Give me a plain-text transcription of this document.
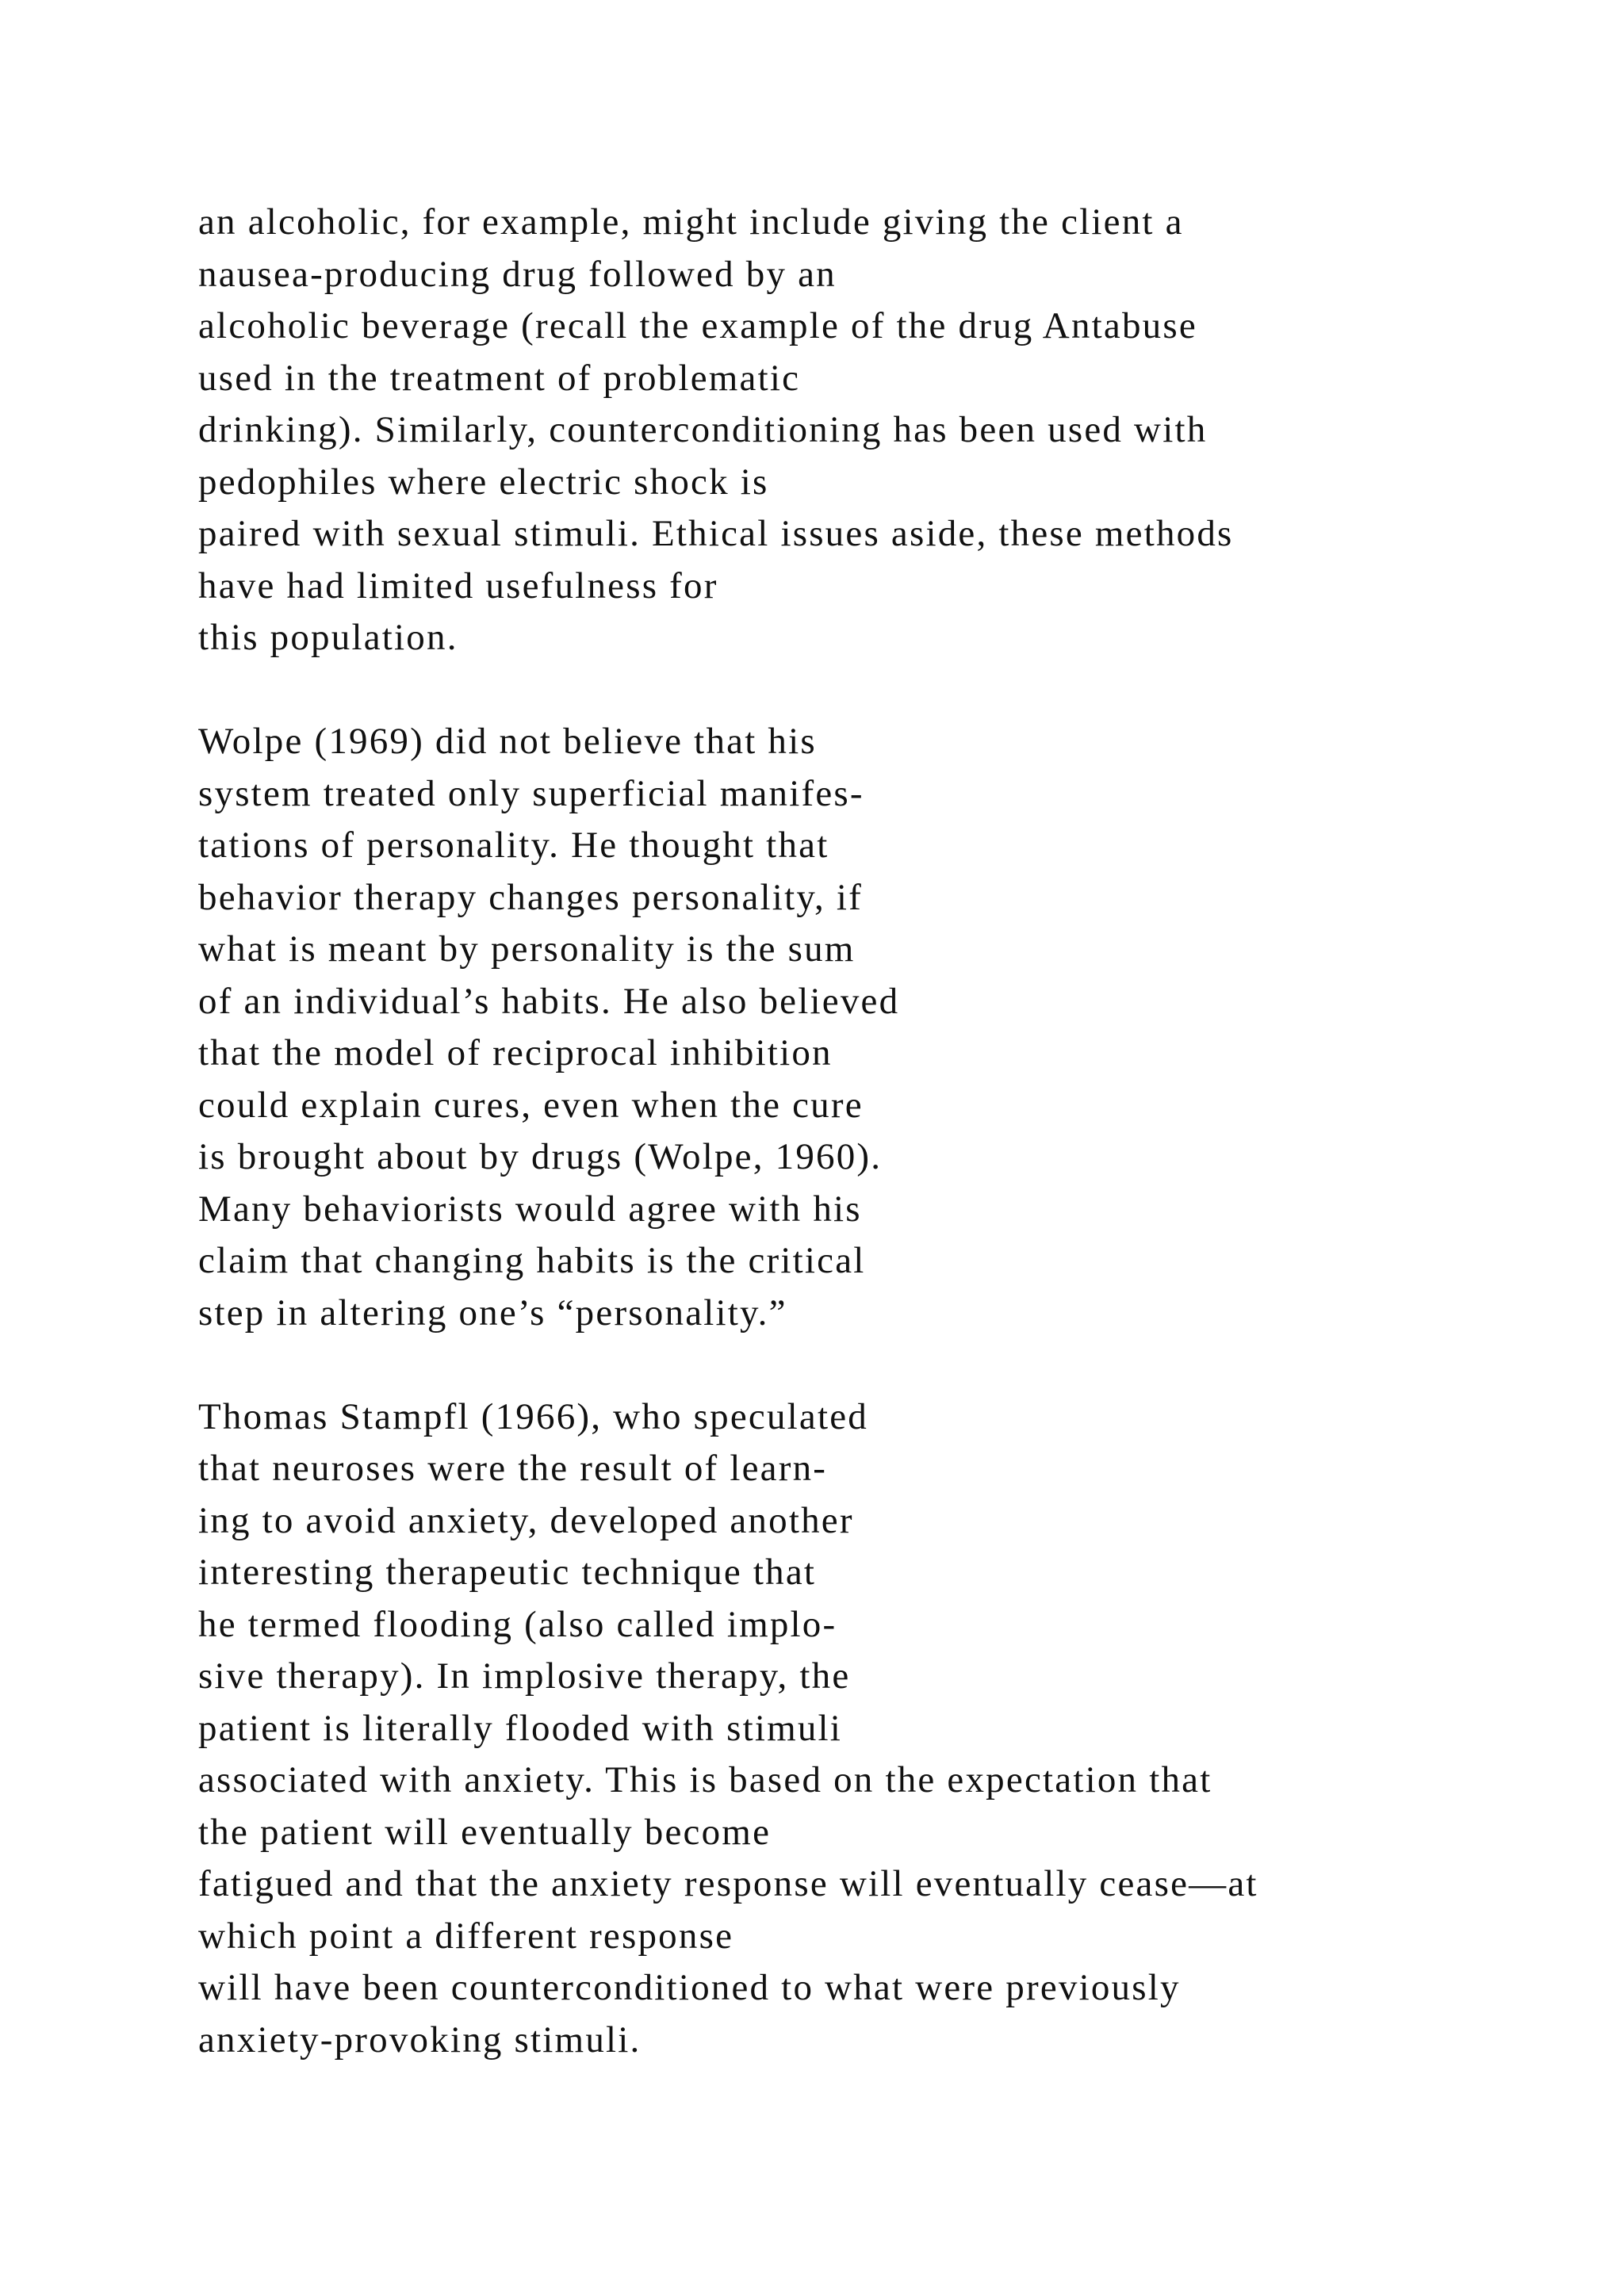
an alcoholic, for example, might include giving the client a
nausea-producing drug followed by an
alcoholic beverage (recall the example of the drug Antabuse
used in the treatment of problematic
drinking). Similarly, counterconditioning has been used with
pedophiles where electric shock is
paired with sexual stimuli. Ethical issues aside, these methods
have had limited usefulness for
this population.
Wolpe (1969) did not believe that his
system treated only superficial manifes-
tations of personality. He thought that
behavior therapy changes personality, if
what is meant by personality is the sum
of an individual’s habits. He also believed
that the model of reciprocal inhibition
could explain cures, even when the cure
is brought about by drugs (Wolpe, 1960).
Many behaviorists would agree with his
claim that changing habits is the critical
step in altering one’s “personality.”
Thomas Stampfl (1966), who speculated
that neuroses were the result of learn-
ing to avoid anxiety, developed another
interesting therapeutic technique that
he termed flooding (also called implo-
sive therapy). In implosive therapy, the
patient is literally flooded with stimuli
associated with anxiety. This is based on the expectation that
the patient will eventually become
fatigued and that the anxiety response will eventually cease—at
which point a different response
will have been counterconditioned to what were previously
anxiety-provoking stimuli.
